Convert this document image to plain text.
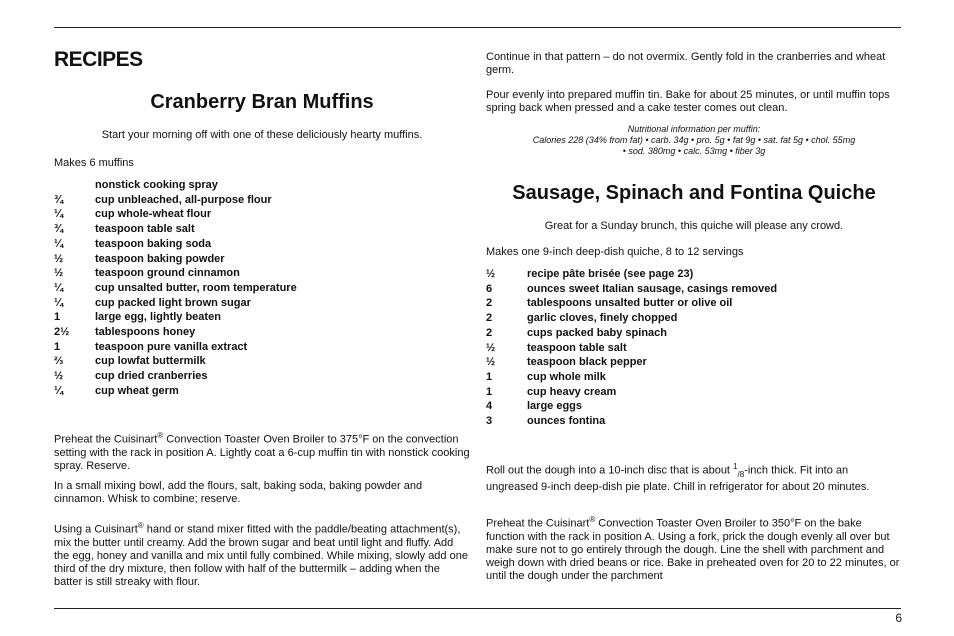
RECIPES
Cranberry Bran Muffins

Start your morning off with one of these deliciously hearty muffins.

Makes 6 muffins

nonstick cooking spray
¾	cup unbleached, all-purpose flour
¼	cup whole-wheat flour
¾	teaspoon table salt
¼	teaspoon baking soda
½	teaspoon baking powder
½	teaspoon ground cinnamon
¼	cup unsalted butter, room temperature
¼	cup packed light brown sugar
1	large egg, lightly beaten
2½	tablespoons honey
1	teaspoon pure vanilla extract
⅔	cup lowfat buttermilk
½	cup dried cranberries
¼	cup wheat germ

Preheat the Cuisinart® Convection Toaster Oven Broiler to 375°F on the convection setting with the rack in position A. Lightly coat a 6-cup muffin tin with nonstick cooking spray. Reserve.

In a small mixing bowl, add the flours, salt, baking soda, baking powder and cinnamon. Whisk to combine; reserve.

Using a Cuisinart® hand or stand mixer fitted with the paddle/beating attachment(s), mix the butter until creamy. Add the brown sugar and beat until light and fluffy. Add the egg, honey and vanilla and mix until fully combined. While mixing, slowly add one third of the dry mixture, then follow with half of the buttermilk – adding when the batter is still streaky with flour.

Continue in that pattern – do not overmix. Gently fold in the cranberries and wheat germ.

Pour evenly into prepared muffin tin. Bake for about 25 minutes, or until muffin tops spring back when pressed and a cake tester comes out clean.

Nutritional information per muffin:
Calories 228 (34% from fat) • carb. 34g • pro. 5g • fat 9g • sat. fat 5g • chol. 55mg
• sod. 380mg • calc. 53mg • fiber 3g
Sausage, Spinach and Fontina Quiche

Great for a Sunday brunch, this quiche will please any crowd.

Makes one 9-inch deep-dish quiche, 8 to 12 servings

½	recipe pâte brisée (see page 23)
6	ounces sweet Italian sausage, casings removed
2	tablespoons unsalted butter or olive oil
2	garlic cloves, finely chopped
2	cups packed baby spinach
½	teaspoon table salt
½	teaspoon black pepper
1	cup whole milk
1	cup heavy cream
4	large eggs
3	ounces fontina

Roll out the dough into a 10-inch disc that is about $^1_{/8}$-inch thick. Fit into an ungreased 9-inch deep-dish pie plate. Chill in refrigerator for about 20 minutes.

Preheat the Cuisinart® Convection Toaster Oven Broiler to 350°F on the bake function with the rack in position A. Using a fork, prick the dough evenly all over but make sure not to go entirely through the dough. Line the shell with parchment and weigh down with dried beans or rice. Bake in preheated oven for 20 to 22 minutes, or until the dough under the parchment

6
